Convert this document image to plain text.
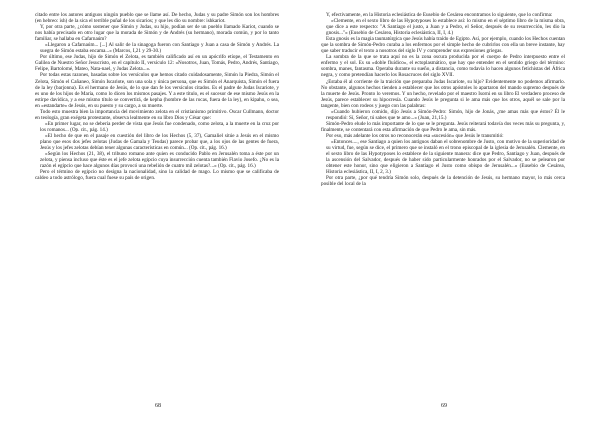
citado entre los autores antiguos ningún pueblo que se llame así. De hecho, Judas y su padre Simón son los hombres (en hebreo: ish) de la sica el terrible puñal de los sicarios; y que les dio su nombre: ishkariot.

Y, por otra parte, ¿cómo sostener que Simón y Judas, su hijo, podían ser de un pueblo llamado Kariot, cuando se nos había precisado en otro lugar que la morada de Simón y de Andrés (su hermano), morada común, y por lo tanto familiar, se hallaba en Cafarnaúm?

«Llegaron a Cafarnaúm... [...] Al salir de la sinagoga fueron con Santiago y Juan a casa de Simón y Andrés. La suegra de Simón estaba encama...» (Marcos, I,21 y 29-30.)

Por último, ese Judas, hijo de Simón el Zelota, es también calificado así en un apócrifo etíope, el Testamento en Galilea de Nuestro Señor Jesucristo, en el capítulo II, versículo 12: «Nosotros, Juan, Tomás, Pedro, Andrés, Santiago, Felipe, Bartolomé, Mateo, Nata-nael, y Judas Zelota...».

Por todas estas razones, basadas sobre los versículos que hemos citado cuidadosamente, Simón la Piedra, Simón el Zelota, Simón el Cañaneo, Simón Iscariote, son una sola y única persona, que es Simón el Anarquista, Simón el fuera de la ley (barjonna). Es el hermano de Jesús, de lo que dan fe los versículos citados. Es el padre de Judas Iscariote, y es uno de los hijos de María, como lo dicen los mismos pasajes. Y a este título, es el sucesor de ese mismo Jesús en la estirpe davídica, y a ese mismo título se convertirá, de kepha (hombre de las rocas, fuera de la ley), en kipahu, o sea, en «estandarte» de Jesús, en su puesto y su cargo, a su muerte.

Todo esto muestra bien la importancia del movimiento zelota en el cristianismo primitivo. Oscar Cullmann, doctor en teología, gran exégeta protestante, observa lealmente en su libro Dios y César que:

«En primer lugar, no se debería perder de vista que Jesús fue condenado, como zelota, a la muerte en la cruz por los romanos... (Op. cit., pág. 14.)

«El hecho de que en el pasaje en cuestión del libro de los Hechos (5, 37), Gamaliel sitúe a Jesús en el mismo plano que esos dos jefes zelotas (Judas de Gamala y Teudas) parece probar que, a los ojos de las gentes de fuera, Jesús y los jefes zelotas debían tener algunas características en común... (Op. cit., pág. 16.)

«Según los Hechos (21, 38), el tribuno romano ante quien es conducido Pablo en Jerusalén toma a éste por un zelota, y piensa incluso que éste es el jefe zelota egipcio cuya insurrección cuenta también Flavio Josefo. ¿No es la razón el egipcio que hace algunos días provocó una rebelión de cuatro mil zelotas?...» (Op. cit., pág. 16.)

Pero el término de egipcio no designa la nacionalidad, sino la calidad de mago. Lo mismo que se calificaba de caldeo a todo astrólogo, fuera cual fuese su país de origen.

68

Y, efectivamente, en la Historia eclesiástica de Eusebio de Cesárea encontramos lo siguiente, que lo confirma:

«Clemente, en el sexto libro de las Hypotyposes lo establece así: lo mismo en el séptimo libro de la misma obra, que dice a este respecto: "A Santiago el justo, a Juan y a Pedro, el Señor, después de su resurrección, les dio la gnosis..."» (Eusebio de Cesárea, Historia eclesiástica, II, I, 4.)

Esta gnosis es la magia taumatúrgica que Jesús había traído de Egipto. Así, por ejemplo, cuando los Hechos cuentan que la sombra de Simón-Pedro curaba a los enfermos por el simple hecho de cubrirlos con ella un breve instante, hay que saber traducir el texto a nosotros del siglo IV y comprender sus expresiones griegas.

La sombra de la que se trata aquí no es la zona oscura producida por el cuerpo de Pedro interpuesto entre el enfermo y el sol. Es su «doble fluídico», el ectoplasmático, que hay que entender en el sentido griego del término: sombra, manes, fantasma. Operaba durante su sueño, a distancia, como todavía lo hacen algunos fetichistas del África negra, y como pretendían hacerlo los Rosacruces del siglo XVII.

¿Estaba él al corriente de la traición que preparaba Judas Iscariote, su hijo? Evidentemente no podemos afirmarlo. No obstante, algunos hechos tienden a establecer que los otros apóstoles lo apartaron del mando supremo después de la muerte de Jesús. Pronto lo veremos. Y un hecho, revelado por el maestro Isorni en su libro El verdadero proceso de Jesús, parece establecer su hipocresía. Cuando Jesús le pregunta si le ama más que los otros, aquél se sale por la tangente, bien con rodeos y juego con las palabras:

«Cuando hubieron comido, dijo Jesús a Simón-Pedro: Simón, hijo de Jonás, ¿me amas más que éstos? Él le respondió: Sí, Señor, tú sabes que te amo...» (Juan, 21,15.)

Simón-Pedro elude lo más importante de lo que se le pregunta. Jesús reiterará todavía dos veces más su pregunta, y, finalmente, se contentará con esta afirmación de que Pedro le ama, sin más.

Por eso, más adelante los otros no reconocerán esa «sucesión» que Jesús le transmitió:

«Entonces...., ese Santiago a quien los antiguos daban el sobrenombre de Justo, con motivo de la superioridad de su virtud, fue, según se dice, el primero que se instaló en el trono episcopal de la iglesia de Jerusalén. Clemente, en el sexto libro de las Hypotyposes lo establece de la siguiente manera: dice que Pedro, Santiago y Juan, después de la ascensión del Salvador, después de haber sido particularmente honrados por el Salvador, no se pelearon por obtener este honor, sino que eligieron a Santiago el Justo como obispo de Jerusalén...» (Eusebio de Cesárea, Historia eclesiástica, II, I, 2, 3.)

Por otra parte, ¿por qué tendría Simón solo, después de la detención de Jesús, su hermano mayor, lo más cerca posible del local de la

69
